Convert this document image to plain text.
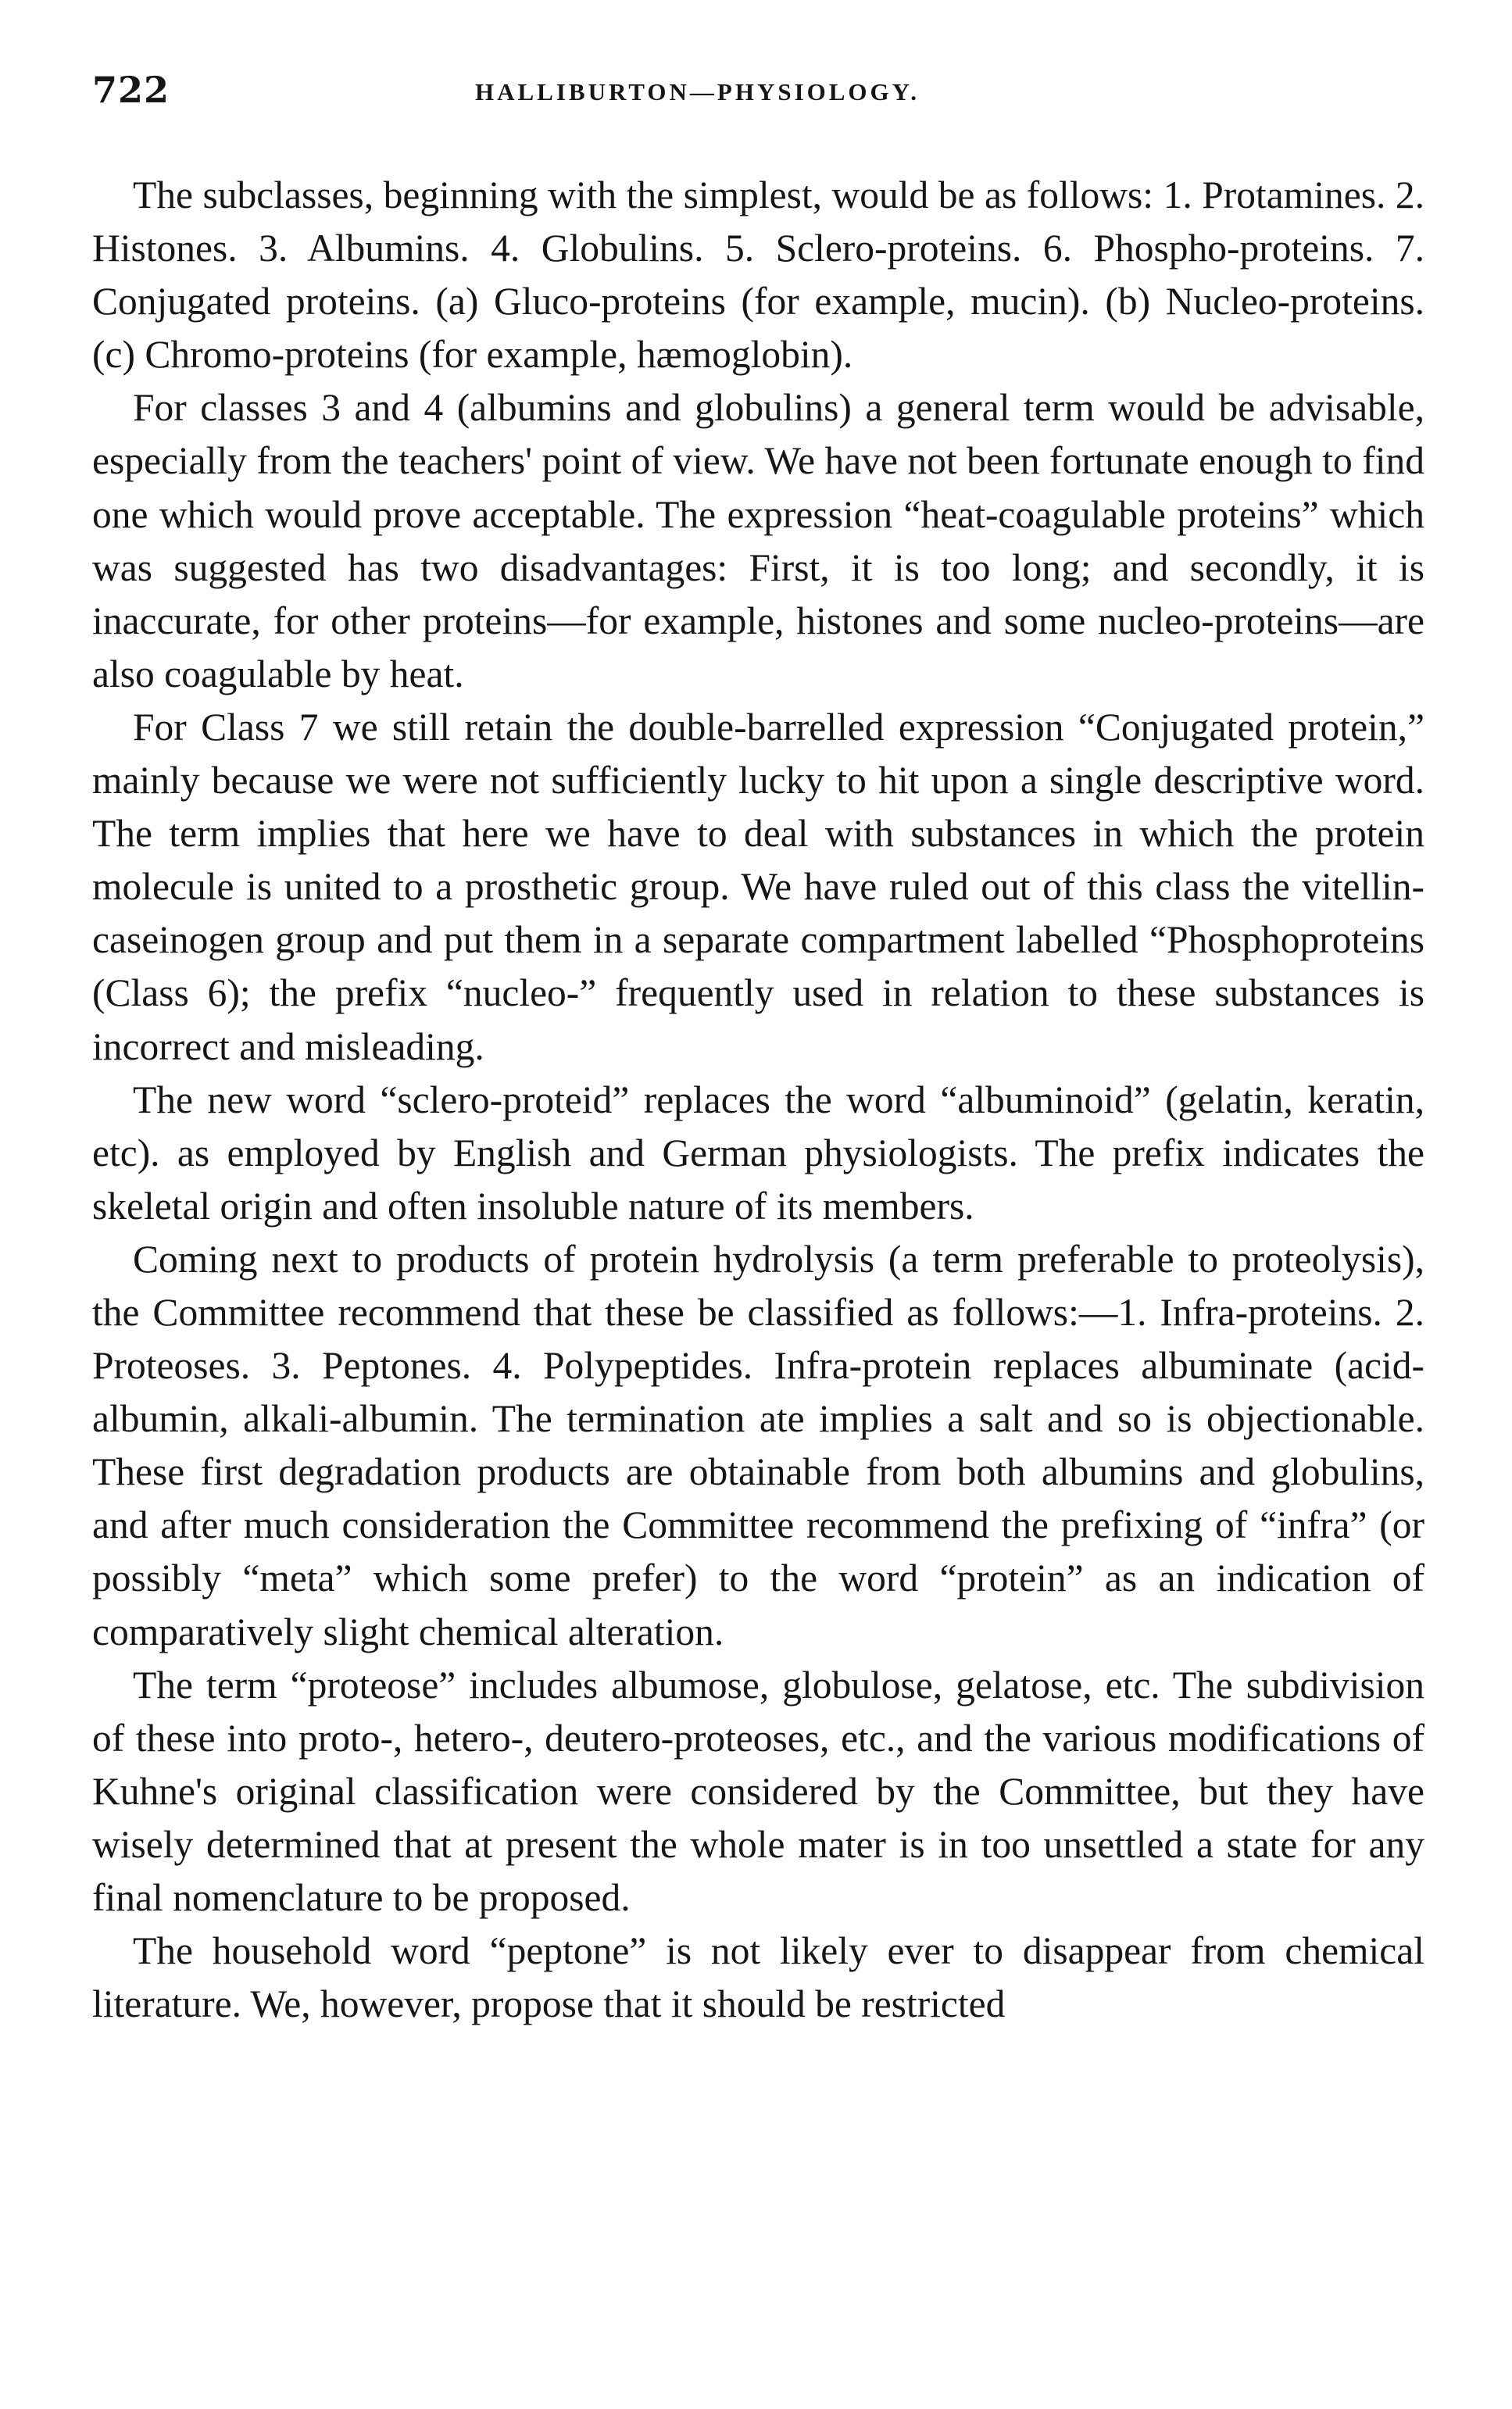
722	HALLIBURTON—PHYSIOLOGY.

The subclasses, beginning with the simplest, would be as follows: 1. Protamines. 2. Histones. 3. Albumins. 4. Globulins. 5. Sclero-proteins. 6. Phospho-proteins. 7. Conjugated proteins. (a) Gluco-proteins (for example, mucin). (b) Nucleo-proteins. (c) Chromo-proteins (for example, hæmoglobin).

For classes 3 and 4 (albumins and globulins) a general term would be advisable, especially from the teachers' point of view. We have not been fortunate enough to find one which would prove acceptable. The expression “heat-coagulable proteins” which was suggested has two disadvantages: First, it is too long; and secondly, it is inaccurate, for other proteins—for example, histones and some nucleo-proteins—are also coagulable by heat.

For Class 7 we still retain the double-barrelled expression “Conjugated protein,” mainly because we were not sufficiently lucky to hit upon a single descriptive word. The term implies that here we have to deal with substances in which the protein molecule is united to a prosthetic group. We have ruled out of this class the vitellin-caseinogen group and put them in a separate compartment labelled “Phosphoproteins (Class 6); the prefix “nucleo-” frequently used in relation to these substances is incorrect and misleading.

The new word “sclero-proteid” replaces the word “albuminoid” (gelatin, keratin, etc). as employed by English and German physiologists. The prefix indicates the skeletal origin and often insoluble nature of its members.

Coming next to products of protein hydrolysis (a term preferable to proteolysis), the Committee recommend that these be classified as follows:—1. Infra-proteins. 2. Proteoses. 3. Peptones. 4. Polypeptides. Infra-protein replaces albuminate (acid-albumin, alkali-albumin. The termination ate implies a salt and so is objectionable. These first degradation products are obtainable from both albumins and globulins, and after much consideration the Committee recommend the prefixing of “infra” (or possibly “meta” which some prefer) to the word “protein” as an indication of comparatively slight chemical alteration.

The term “proteose” includes albumose, globulose, gelatose, etc. The subdivision of these into proto-, hetero-, deutero-proteoses, etc., and the various modifications of Kuhne's original classification were considered by the Committee, but they have wisely determined that at present the whole mater is in too unsettled a state for any final nomenclature to be proposed.

The household word “peptone” is not likely ever to disappear from chemical literature. We, however, propose that it should be restricted
